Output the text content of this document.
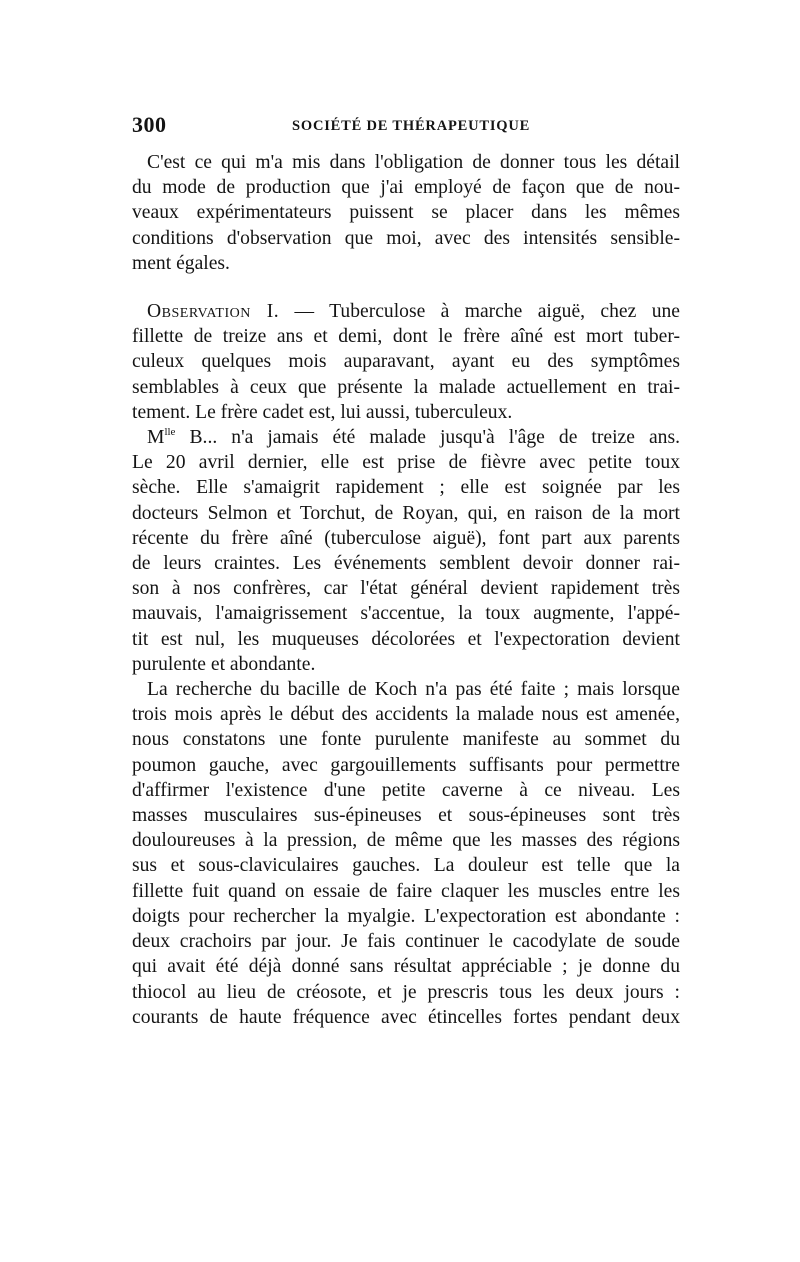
300	SOCIÉTÉ DE THÉRAPEUTIQUE

C'est ce qui m'a mis dans l'obligation de donner tous les détail
du mode de production que j'ai employé de façon que de nou-
veaux expérimentateurs puissent se placer dans les mêmes
conditions d'observation que moi, avec des intensités sensible-
ment égales.

Observation I. — Tuberculose à marche aiguë, chez une
fillette de treize ans et demi, dont le frère aîné est mort tuber-
culeux quelques mois auparavant, ayant eu des symptômes
semblables à ceux que présente la malade actuellement en trai-
tement. Le frère cadet est, lui aussi, tuberculeux.

$M^{lle}$ B... n'a jamais été malade jusqu'à l'âge de treize ans.
Le 20 avril dernier, elle est prise de fièvre avec petite toux
sèche. Elle s'amaigrit rapidement ; elle est soignée par les
docteurs Selmon et Torchut, de Royan, qui, en raison de la mort
récente du frère aîné (tuberculose aiguë), font part aux parents
de leurs craintes. Les événements semblent devoir donner rai-
son à nos confrères, car l'état général devient rapidement très
mauvais, l'amaigrissement s'accentue, la toux augmente, l'appé-
tit est nul, les muqueuses décolorées et l'expectoration devient
purulente et abondante.

La recherche du bacille de Koch n'a pas été faite ; mais lorsque
trois mois après le début des accidents la malade nous est amenée,
nous constatons une fonte purulente manifeste au sommet du
poumon gauche, avec gargouillements suffisants pour permettre
d'affirmer l'existence d'une petite caverne à ce niveau. Les
masses musculaires sus-épineuses et sous-épineuses sont très
douloureuses à la pression, de même que les masses des régions
sus et sous-claviculaires gauches. La douleur est telle que la
fillette fuit quand on essaie de faire claquer les muscles entre les
doigts pour rechercher la myalgie. L'expectoration est abondante :
deux crachoirs par jour. Je fais continuer le cacodylate de soude
qui avait été déjà donné sans résultat appréciable ; je donne du
thiocol au lieu de créosote, et je prescris tous les deux jours :
courants de haute fréquence avec étincelles fortes pendant deux
